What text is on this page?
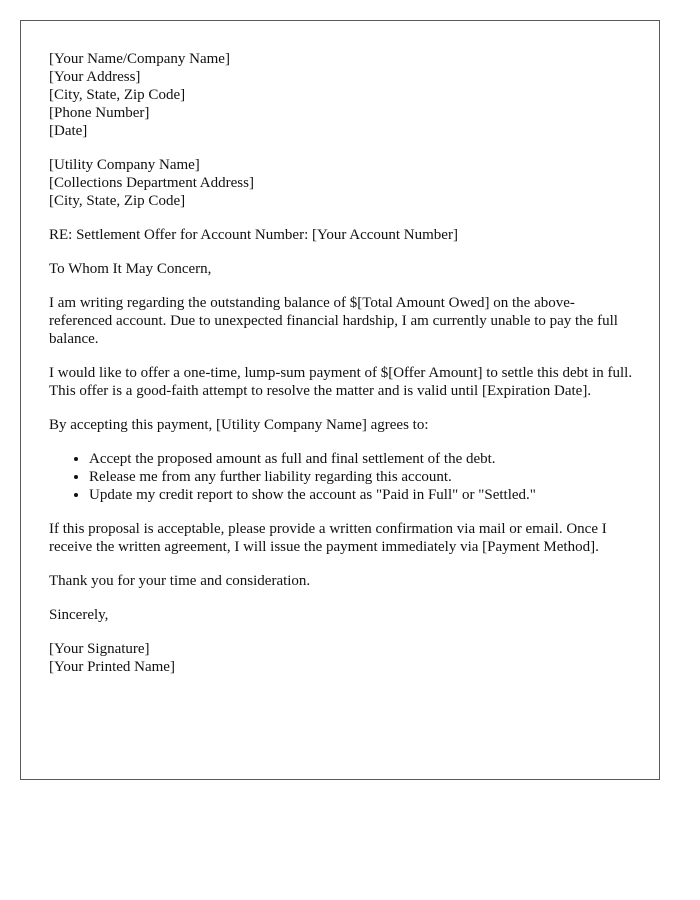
[Your Name/Company Name]
[Your Address]
[City, State, Zip Code]
[Phone Number]
[Date]
[Utility Company Name]
[Collections Department Address]
[City, State, Zip Code]

RE: Settlement Offer for Account Number: [Your Account Number]

To Whom It May Concern,

I am writing regarding the outstanding balance of $[Total Amount Owed] on the above-referenced account. Due to unexpected financial hardship, I am currently unable to pay the full balance.

I would like to offer a one-time, lump-sum payment of $[Offer Amount] to settle this debt in full. This offer is a good-faith attempt to resolve the matter and is valid until [Expiration Date].

By accepting this payment, [Utility Company Name] agrees to:

• Accept the proposed amount as full and final settlement of the debt.
• Release me from any further liability regarding this account.
• Update my credit report to show the account as "Paid in Full" or "Settled."

If this proposal is acceptable, please provide a written confirmation via mail or email. Once I receive the written agreement, I will issue the payment immediately via [Payment Method].

Thank you for your time and consideration.

Sincerely,

[Your Signature]
[Your Printed Name]
